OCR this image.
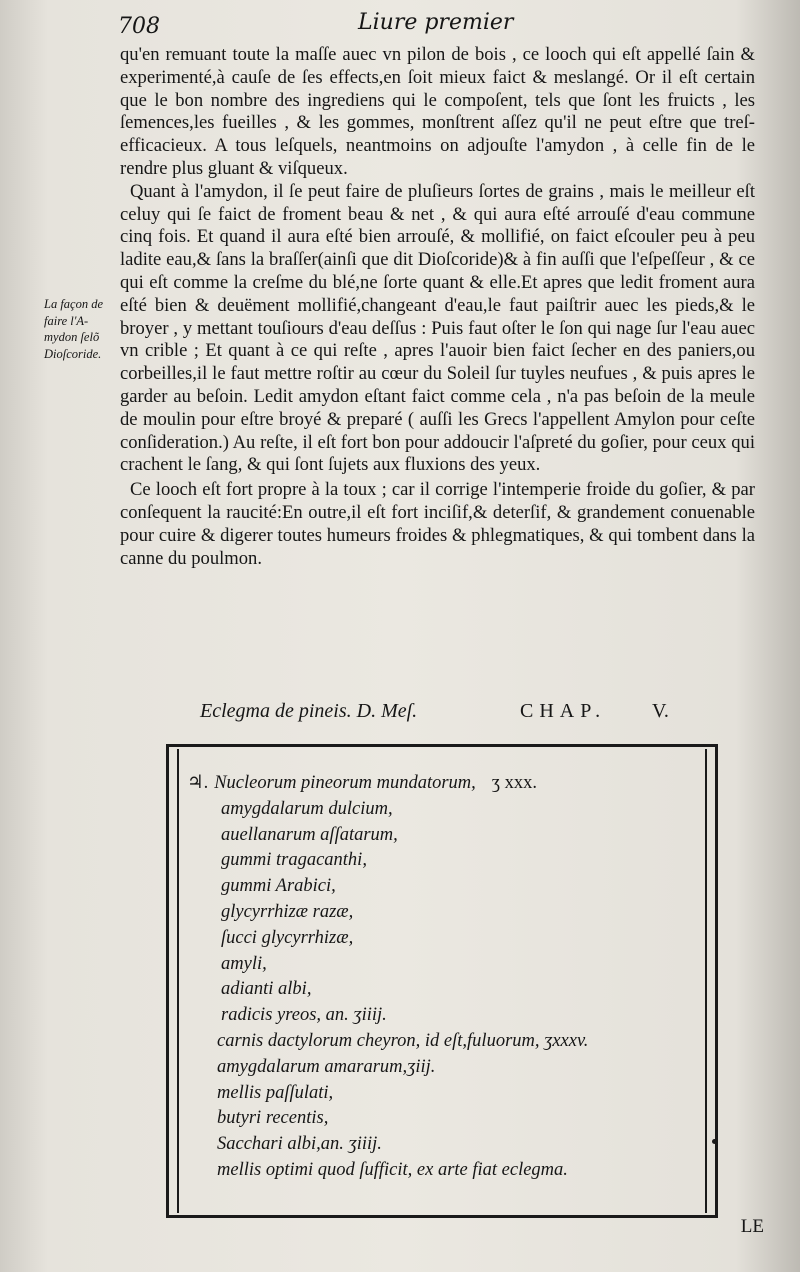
708	Liure premier

qu'en remuant toute la maſſe auec vn pilon de bois , ce looch qui eſt appellé ſain & experimenté,à cauſe de ſes effects,en ſoit mieux faict & meslangé. Or il eſt certain que le bon nombre des ingrediens qui le compoſent, tels que ſont les fruicts , les ſemences,les fueilles , & les gommes, monſtrent aſſez qu'il ne peut eſtre que treſ-efficacieux. A tous leſquels, neantmoins on adjouſte l'amydon , à celle fin de le rendre plus gluant & viſqueux.

Quant à l'amydon, il ſe peut faire de pluſieurs ſortes de grains , mais le meilleur eſt celuy qui ſe faict de froment beau & net , & qui aura eſté arrouſé d'eau commune cinq fois. Et quand il aura eſté bien arrouſé, & mollifié, on faict eſcouler peu à peu ladite eau,& ſans la braſſer(ainſi que dit Dioſcoride)& à fin auſſi que l'eſpeſſeur , & ce qui eſt comme la creſme du blé,ne ſorte quant & elle.Et apres que ledit froment aura eſté bien & deuëment mollifié,changeant d'eau,le faut paiſtrir auec les pieds,& le broyer , y mettant touſiours d'eau deſſus : Puis faut oſter le ſon qui nage ſur l'eau auec vn crible ; Et quant à ce qui reſte , apres l'auoir bien faict ſecher en des paniers,ou corbeilles,il le faut mettre roſtir au cœur du Soleil ſur tuyles neufues , & puis apres le garder au beſoin. Ledit amydon eſtant faict comme cela , n'a pas beſoin de la meule de moulin pour eſtre broyé & preparé ( auſſi les Grecs l'appellent Amylon pour ceſte conſideration.) Au reſte, il eſt fort bon pour addoucir l'aſpreté du goſier, pour ceux qui crachent le ſang, & qui ſont ſujets aux fluxions des yeux.

Ce looch eſt fort propre à la toux ; car il corrige l'intemperie froide du goſier, & par conſequent la raucité:En outre,il eſt fort inciſif,& deterſif, & grandement conuenable pour cuire & digerer toutes humeurs froides & phlegmatiques, & qui tombent dans la canne du poulmon.

La façon de
faire l'A-
mydon ſelõ
Dioſcoride.
Eclegma de pineis. D. Meſ.	CHAP. V.
♃. Nucleorum pineorum mundatorum, ʒ xxx.
amygdalarum dulcium,
auellanarum aſſatarum,
gummi tragacanthi,
gummi Arabici,
glycyrrhizæ razæ,
ſucci glycyrrhizæ,
amyli,
adianti albi,
radicis yreos, an. ʒiiij.
carnis dactylorum cheyron, id eſt,fuluorum, ʒxxxv.
amygdalarum amararum,ʒiij.
mellis paſſulati,
butyri recentis,
Sacchari albi,an. ʒiiij.
mellis optimi quod ſufficit, ex arte fiat eclegma.
LE
